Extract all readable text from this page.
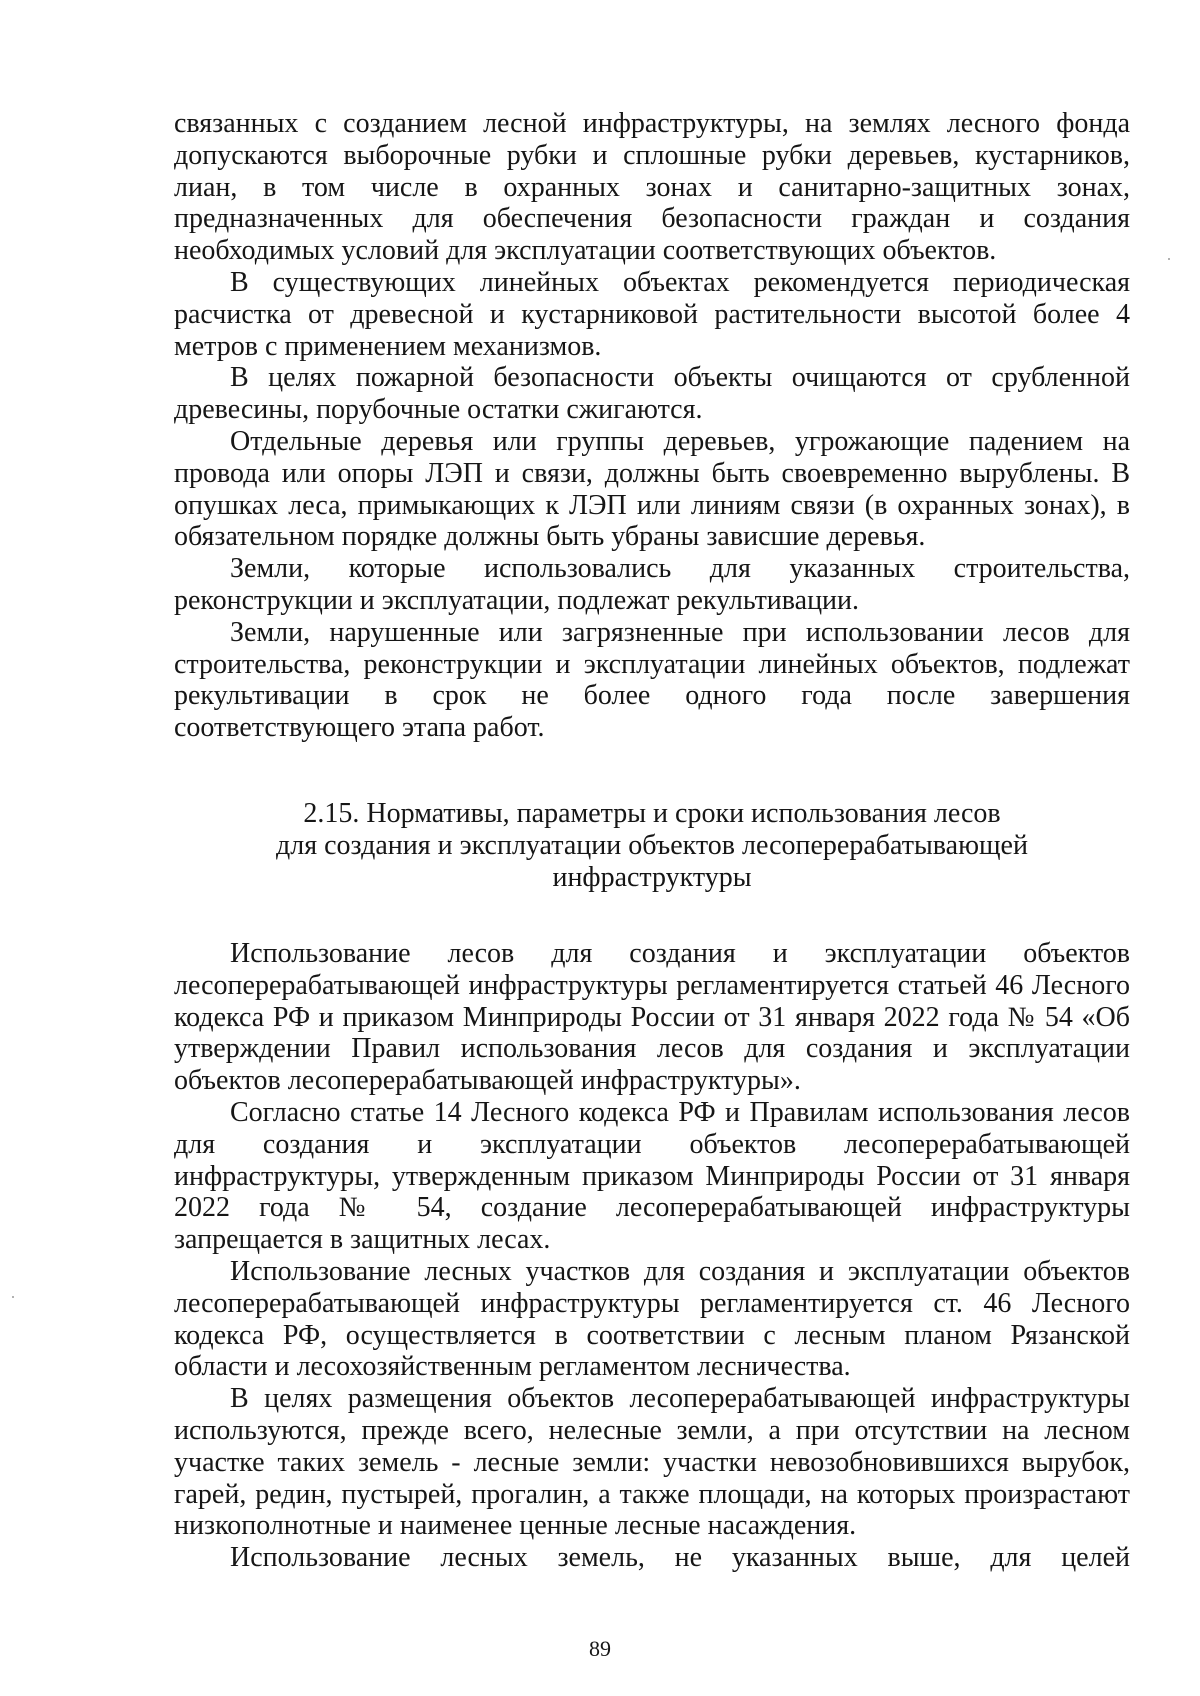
связанных с созданием лесной инфраструктуры, на землях лесного фонда допускаются выборочные рубки и сплошные рубки деревьев, кустарников, лиан, в том числе в охранных зонах и санитарно-защитных зонах, предназначенных для обеспечения безопасности граждан и создания необходимых условий для эксплуатации соответствующих объектов.

В существующих линейных объектах рекомендуется периодическая расчистка от древесной и кустарниковой растительности высотой более 4 метров с применением механизмов.

В целях пожарной безопасности объекты очищаются от срубленной древесины, порубочные остатки сжигаются.

Отдельные деревья или группы деревьев, угрожающие падением на провода или опоры ЛЭП и связи, должны быть своевременно вырублены. В опушках леса, примыкающих к ЛЭП или линиям связи (в охранных зонах), в обязательном порядке должны быть убраны зависшие деревья.

Земли, которые использовались для указанных строительства, реконструкции и эксплуатации, подлежат рекультивации.

Земли, нарушенные или загрязненные при использовании лесов для строительства, реконструкции и эксплуатации линейных объектов, подлежат рекультивации в срок не более одного года после завершения соответствующего этапа работ.

2.15. Нормативы, параметры и сроки использования лесов
для создания и эксплуатации объектов лесоперерабатывающей
инфраструктуры

Использование лесов для создания и эксплуатации объектов лесоперерабатывающей инфраструктуры регламентируется статьей 46 Лесного кодекса РФ и приказом Минприроды России от 31 января 2022 года № 54 «Об утверждении Правил использования лесов для создания и эксплуатации объектов лесоперерабатывающей инфраструктуры».

Согласно статье 14 Лесного кодекса РФ и Правилам использования лесов для создания и эксплуатации объектов лесоперерабатывающей инфраструктуры, утвержденным приказом Минприроды России от 31 января 2022 года № 54, создание лесоперерабатывающей инфраструктуры запрещается в защитных лесах.

Использование лесных участков для создания и эксплуатации объектов лесоперерабатывающей инфраструктуры регламентируется ст. 46 Лесного кодекса РФ, осуществляется в соответствии с лесным планом Рязанской области и лесохозяйственным регламентом лесничества.

В целях размещения объектов лесоперерабатывающей инфраструктуры используются, прежде всего, нелесные земли, а при отсутствии на лесном участке таких земель - лесные земли: участки невозобновившихся вырубок, гарей, редин, пустырей, прогалин, а также площади, на которых произрастают низкополнотные и наименее ценные лесные насаждения.

Использование лесных земель, не указанных выше, для целей

89
